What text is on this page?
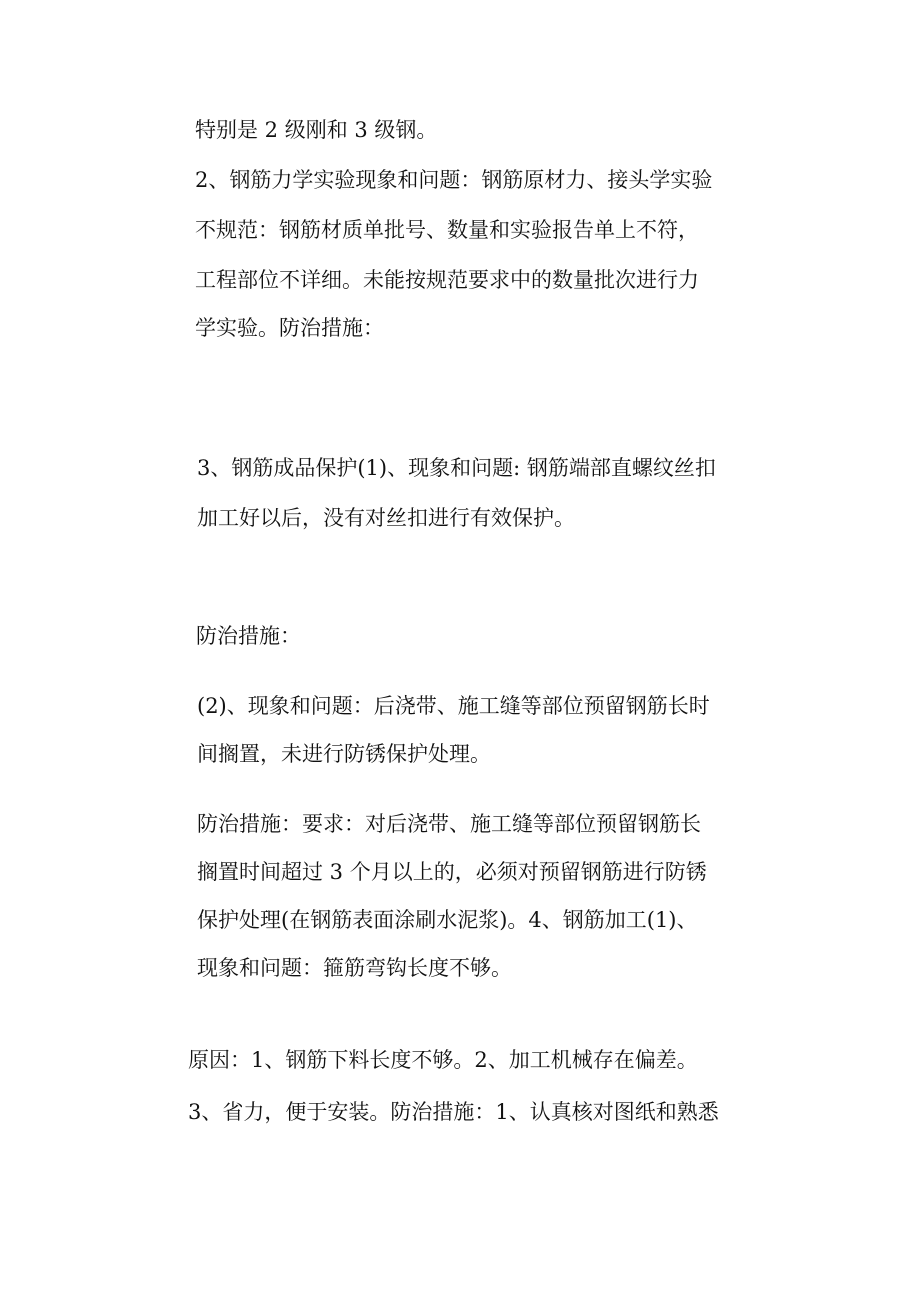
特别是 2 级刚和 3 级钢。

2、钢筋力学实验现象和问题：钢筋原材力、接头学实验

不规范：钢筋材质单批号、数量和实验报告单上不符，

工程部位不详细。未能按规范要求中的数量批次进行力

学实验。防治措施：

3、钢筋成品保护(1)、现象和问题: 钢筋端部直螺纹丝扣

加工好以后，没有对丝扣进行有效保护。

防治措施：

(2)、现象和问题：后浇带、施工缝等部位预留钢筋长时

间搁置，未进行防锈保护处理。

防治措施：要求：对后浇带、施工缝等部位预留钢筋长

搁置时间超过 3 个月以上的，必须对预留钢筋进行防锈

保护处理(在钢筋表面涂刷水泥浆)。4、钢筋加工(1)、

现象和问题：箍筋弯钩长度不够。

原因：1、钢筋下料长度不够。2、加工机械存在偏差。

3、省力，便于安装。防治措施：1、认真核对图纸和熟悉
